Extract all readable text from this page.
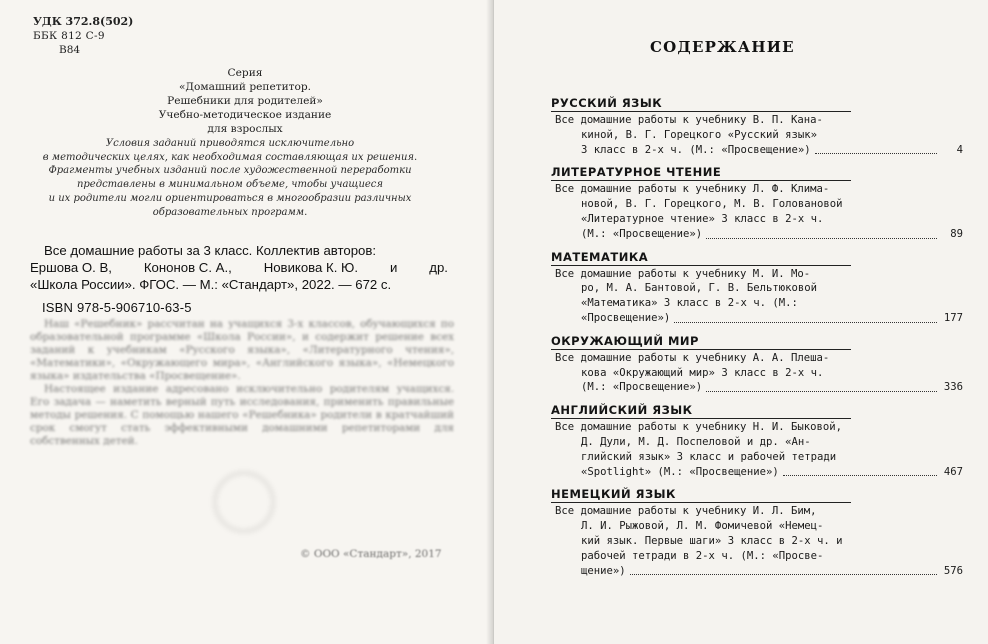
УДК 372.8(502)

ББК 812 С-9
В84
Серия
«Домашний репетитор.
Решебники для родителей»
Учебно-методическое издание
для взрослых
Условия заданий приводятся исключительно
в методических целях, как необходимая составляющая их решения.
Фрагменты учебных изданий после художественной переработки
представлены в минимальном объеме, чтобы учащиеся
и их родители могли ориентироваться в многообразии различных
образовательных программ.
Все домашние работы за 3 класс. Коллектив авторов:
Ершова О. В, Кононов С. А., Новикова К. Ю. и др.
«Школа России». ФГОС. — М.: «Стандарт», 2022. — 672 с.
ISBN 978-5-906710-63-5

Наш «Решебник» рассчитан на учащихся 3-х классов, обучающихся по образовательной программе «Школа России», и содержит решение всех заданий к учебникам «Русского языка», «Литературного чтения», «Математики», «Окружающего мира», «Английского языка», «Немецкого языка» издательства «Просвещение».

Настоящее издание адресовано исключительно родителям учащихся. Его задача — наметить верный путь исследования, применить правильные методы решения. С помощью нашего «Решебника» родители в кратчайший срок смогут стать эффективными домашними репетиторами для собственных детей.

© ООО «Стандарт», 2017
СОДЕРЖАНИЕ
РУССКИЙ ЯЗЫК
Все домашние работы к учебнику В. П. Кана-
киной, В. Г. Горецкого «Русский язык»
3 класс в 2-х ч. (М.: «Просвещение»)	4
ЛИТЕРАТУРНОЕ ЧТЕНИЕ
Все домашние работы к учебнику Л. Ф. Клима-
новой, В. Г. Горецкого, М. В. Головановой
«Литературное чтение» 3 класс в 2-х ч.
(М.: «Просвещение»)	89
МАТЕМАТИКА
Все домашние работы к учебнику М. И. Мо-
ро, М. А. Бантовой, Г. В. Бельтюковой
«Математика» 3 класс в 2-х ч. (М.:
«Просвещение»)	177
ОКРУЖАЮЩИЙ МИР
Все домашние работы к учебнику А. А. Плеша-
кова «Окружающий мир» 3 класс в 2-х ч.
(М.: «Просвещение»)	336
АНГЛИЙСКИЙ ЯЗЫК
Все домашние работы к учебнику Н. И. Быковой,
Д. Дули, М. Д. Поспеловой и др. «Ан-
глийский язык» 3 класс и рабочей тетради
«Spotlight» (М.: «Просвещение»)	467
НЕМЕЦКИЙ ЯЗЫК
Все домашние работы к учебнику И. Л. Бим,
Л. И. Рыжовой, Л. М. Фомичевой «Немец-
кий язык. Первые шаги» 3 класс в 2-х ч. и
рабочей тетради в 2-х ч. (М.: «Просве-
щение»)	576
